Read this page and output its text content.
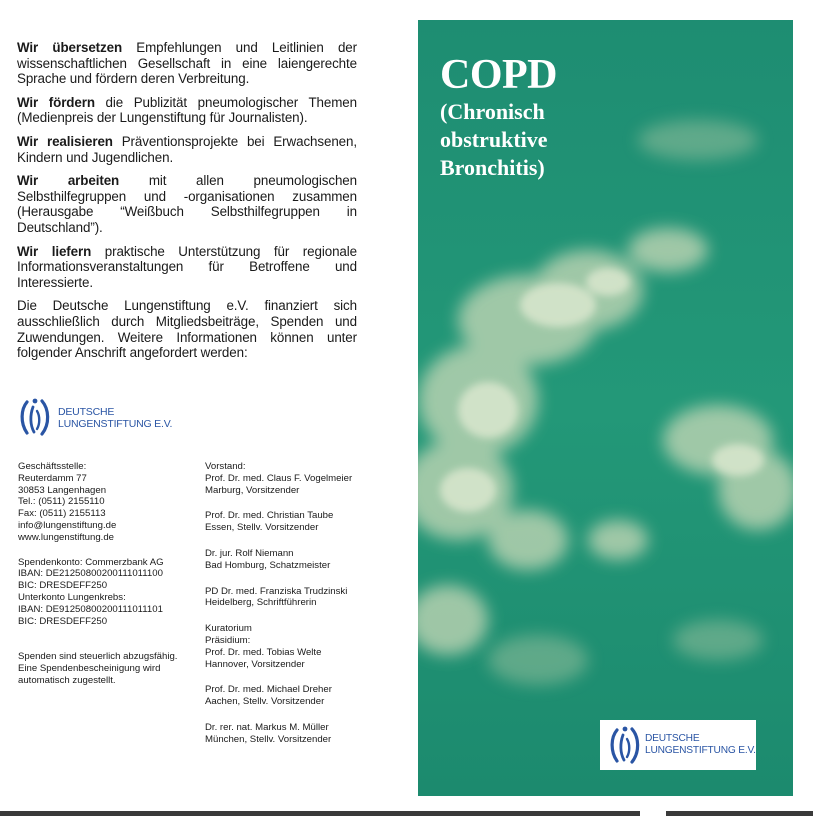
Wir übersetzen Empfehlungen und Leitlinien der wissenschaftlichen Gesellschaft in eine laiengerechte Sprache und fördern deren Verbreitung.

Wir fördern die Publizität pneumologischer Themen (Medienpreis der Lungenstiftung für Journalisten).

Wir realisieren Präventionsprojekte bei Erwachsenen, Kindern und Jugendlichen.

Wir arbeiten mit allen pneumologischen Selbsthilfegruppen und -organisationen zusammen (Herausgabe “Weißbuch Selbsthilfegruppen in Deutschland”).

Wir liefern praktische Unterstützung für regionale Informationsveranstaltungen für Betroffene und Interessierte.

Die Deutsche Lungenstiftung e.V. finanziert sich ausschließlich durch Mitgliedsbeiträge, Spenden und Zuwendungen. Weitere Informationen können unter folgender Anschrift angefordert werden:

DEUTSCHE
LUNGENSTIFTUNG E.V.
Geschäftsstelle:
Reuterdamm 77
30853 Langenhagen
Tel.: (0511) 2155110
Fax: (0511) 2155113
info@lungenstiftung.de
www.lungenstiftung.de
Spendenkonto: Commerzbank AG
IBAN: DE21250800200111011100
BIC: DRESDEFF250
Unterkonto Lungenkrebs:
IBAN: DE91250800200111011101
BIC: DRESDEFF250
Spenden sind steuerlich abzugsfähig.
Eine Spendenbescheinigung wird
automatisch zugestellt.
Vorstand:
Prof. Dr. med. Claus F. Vogelmeier
Marburg, Vorsitzender
Prof. Dr. med. Christian Taube
Essen, Stellv. Vorsitzender
Dr. jur. Rolf Niemann
Bad Homburg, Schatzmeister
PD Dr. med. Franziska Trudzinski
Heidelberg, Schriftführerin
Kuratorium
Präsidium:
Prof. Dr. med. Tobias Welte
Hannover, Vorsitzender
Prof. Dr. med. Michael Dreher
Aachen, Stellv. Vorsitzender
Dr. rer. nat. Markus M. Müller
München, Stellv. Vorsitzender
COPD
(Chronisch
obstruktive
Bronchitis)
DEUTSCHE
LUNGENSTIFTUNG E.V.
